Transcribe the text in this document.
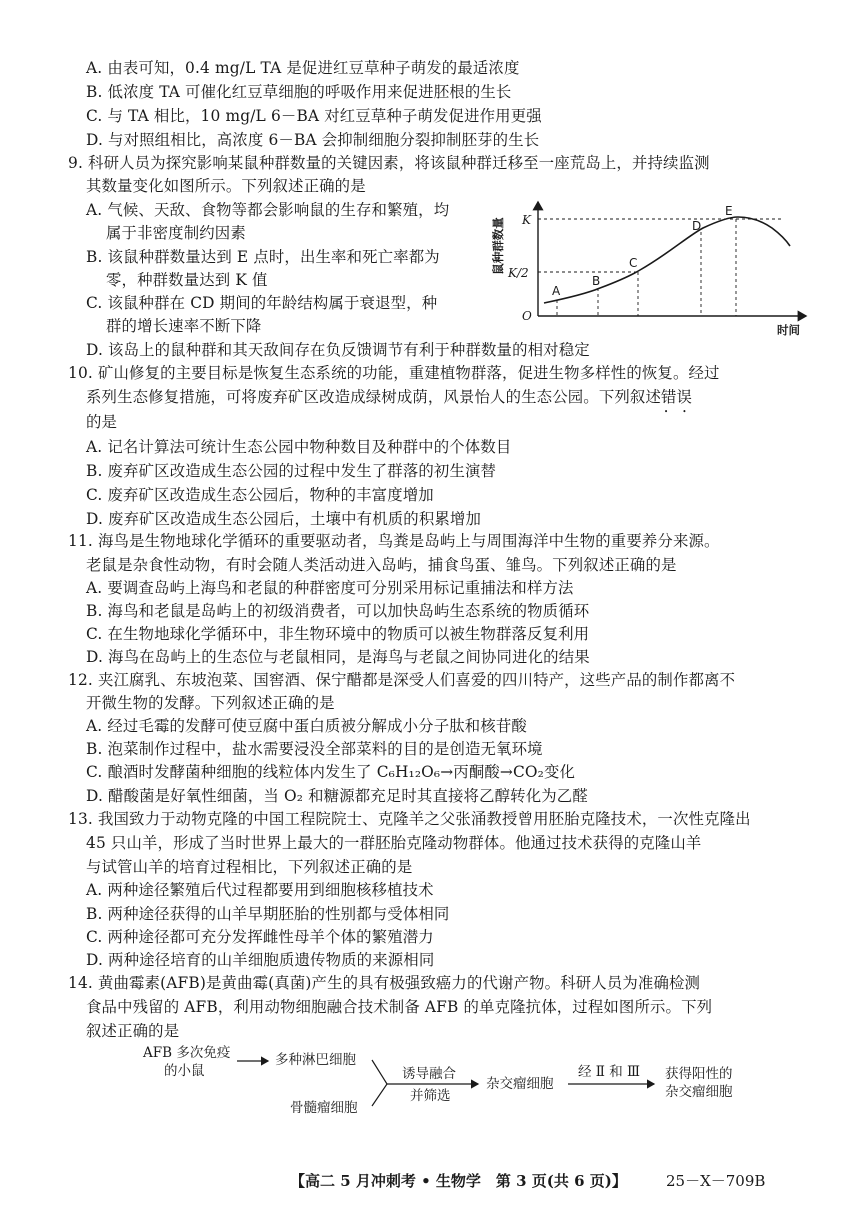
A. 由表可知，0.4 mg/L TA 是促进红豆草种子萌发的最适浓度
B. 低浓度 TA 可催化红豆草细胞的呼吸作用来促进胚根的生长
C. 与 TA 相比，10 mg/L 6－BA 对红豆草种子萌发促进作用更强
D. 与对照组相比，高浓度 6－BA 会抑制细胞分裂抑制胚芽的生长
9. 科研人员为探究影响某鼠种群数量的关键因素，将该鼠种群迁移至一座荒岛上，并持续监测
其数量变化如图所示。下列叙述正确的是
A. 气候、天敌、食物等都会影响鼠的生存和繁殖，均
属于非密度制约因素
B. 该鼠种群数量达到 E 点时，出生率和死亡率都为
零，种群数量达到 K 值
C. 该鼠种群在 CD 期间的年龄结构属于衰退型，种
群的增长速率不断下降
D. 该岛上的鼠种群和其天敌间存在负反馈调节有利于种群数量的相对稳定
10. 矿山修复的主要目标是恢复生态系统的功能，重建植物群落，促进生物多样性的恢复。经过
系列生态修复措施，可将废弃矿区改造成绿树成荫，风景怡人的生态公园。下列叙述错误 • •
的是
A. 记名计算法可统计生态公园中物种数目及种群中的个体数目
B. 废弃矿区改造成生态公园的过程中发生了群落的初生演替
C. 废弃矿区改造成生态公园后，物种的丰富度增加
D. 废弃矿区改造成生态公园后，土壤中有机质的积累增加
11. 海鸟是生物地球化学循环的重要驱动者，鸟粪是岛屿上与周围海洋中生物的重要养分来源。
老鼠是杂食性动物，有时会随人类活动进入岛屿，捕食鸟蛋、雏鸟。下列叙述正确的是
A. 要调查岛屿上海鸟和老鼠的种群密度可分别采用标记重捕法和样方法
B. 海鸟和老鼠是岛屿上的初级消费者，可以加快岛屿生态系统的物质循环
C. 在生物地球化学循环中，非生物环境中的物质可以被生物群落反复利用
D. 海鸟在岛屿上的生态位与老鼠相同，是海鸟与老鼠之间协同进化的结果
12. 夹江腐乳、东坡泡菜、国窖酒、保宁醋都是深受人们喜爱的四川特产，这些产品的制作都离不
开微生物的发酵。下列叙述正确的是
A. 经过毛霉的发酵可使豆腐中蛋白质被分解成小分子肽和核苷酸
B. 泡菜制作过程中，盐水需要浸没全部菜料的目的是创造无氧环境
C. 酿酒时发酵菌种细胞的线粒体内发生了 C₆H₁₂O₆→丙酮酸→CO₂变化
D. 醋酸菌是好氧性细菌，当 O₂ 和糖源都充足时其直接将乙醇转化为乙醛
13. 我国致力于动物克隆的中国工程院院士、克隆羊之父张涌教授曾用胚胎克隆技术，一次性克隆出
45 只山羊，形成了当时世界上最大的一群胚胎克隆动物群体。他通过技术获得的克隆山羊
与试管山羊的培育过程相比，下列叙述正确的是
A. 两种途径繁殖后代过程都要用到细胞核移植技术
B. 两种途径获得的山羊早期胚胎的性别都与受体相同
C. 两种途径都可充分发挥雌性母羊个体的繁殖潜力
D. 两种途径培育的山羊细胞质遗传物质的来源相同
14. 黄曲霉素(AFB)是黄曲霉(真菌)产生的具有极强致癌力的代谢产物。科研人员为准确检测
食品中残留的 AFB，利用动物细胞融合技术制备 AFB 的单克隆抗体，过程如图所示。下列
叙述正确的是
鼠种群数量
时间
O
K
K/2
A
B
C
D
E
AFB 多次免疫
的小鼠
多种淋巴细胞
骨髓瘤细胞
诱导融合
并筛选
杂交瘤细胞
经 Ⅱ 和 Ⅲ 获得阳性的
杂交瘤细胞
【高二 5 月冲刺考 • 生物学　第 3 页(共 6 页)】	25－X－709B
